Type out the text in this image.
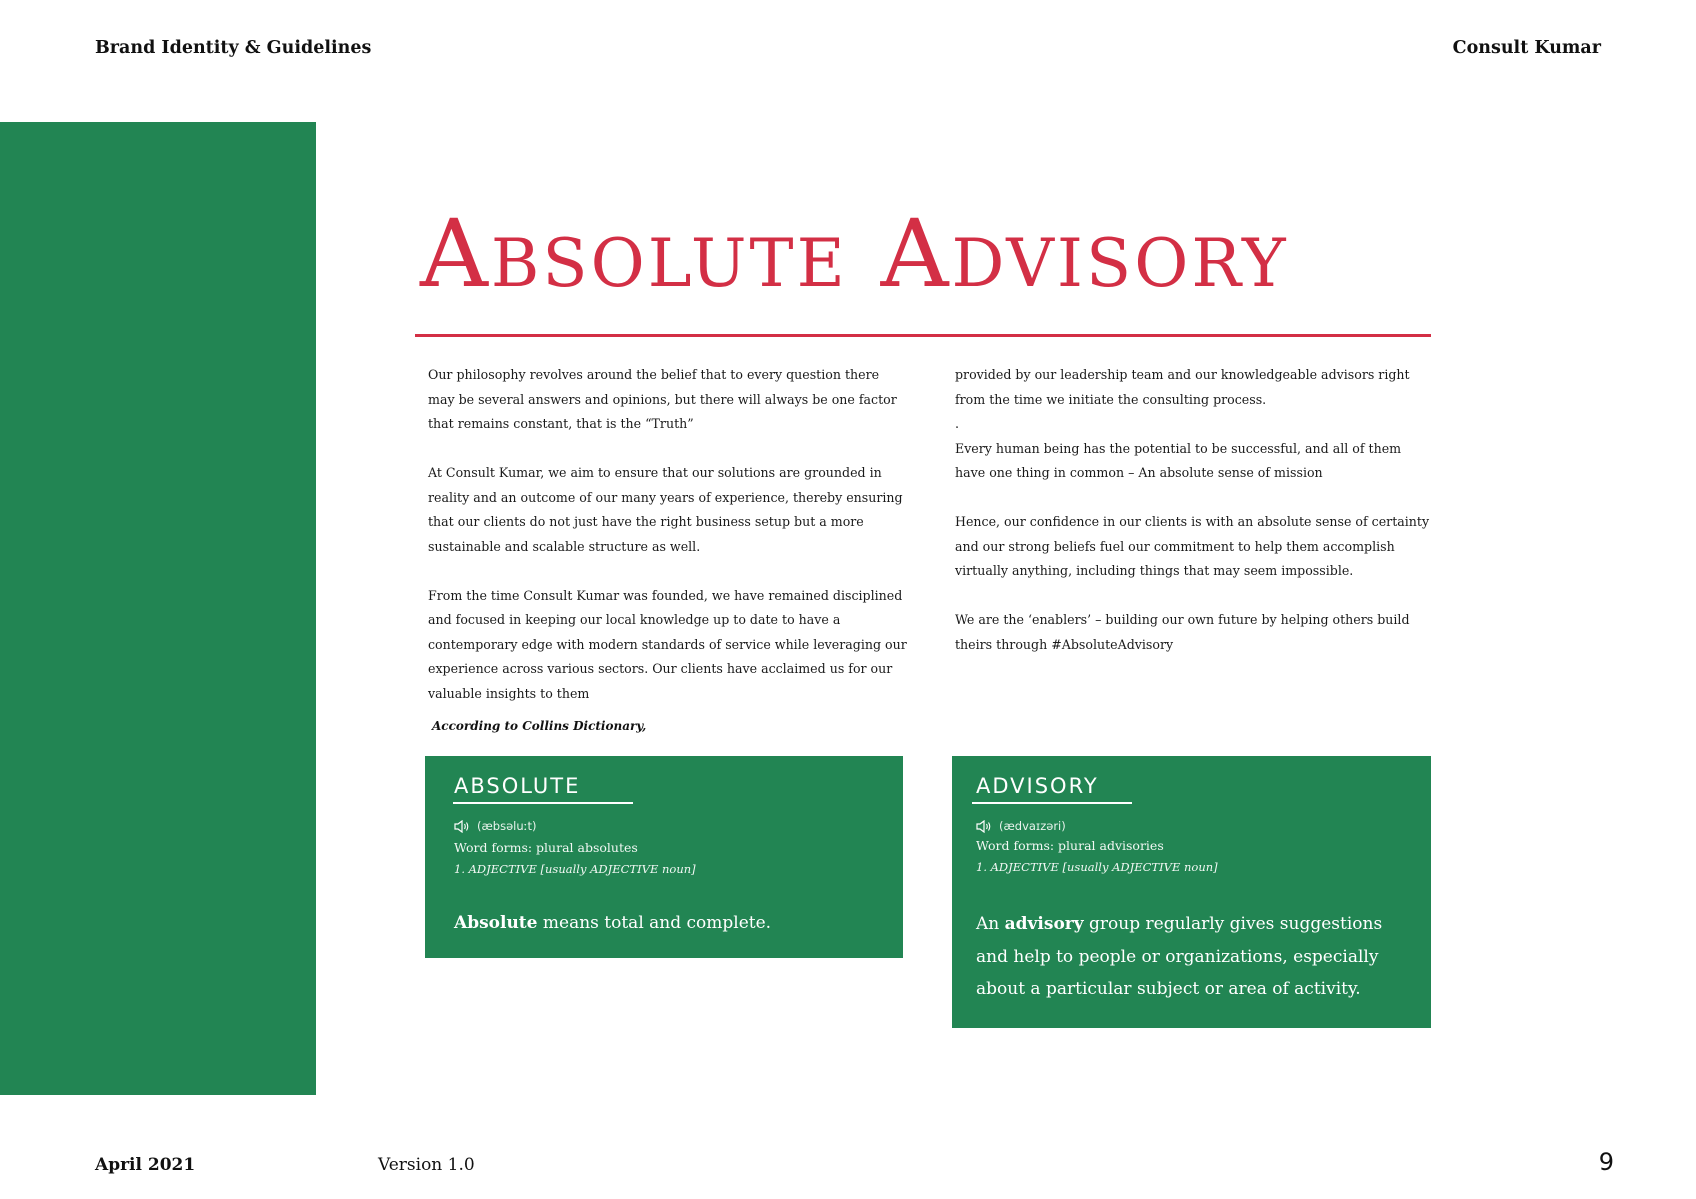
Brand Identity & Guidelines	Consult Kumar
Absolute Advisory

Our philosophy revolves around the belief that to every question there may be several answers and opinions, but there will always be one factor that remains constant, that is the “Truth”

At Consult Kumar, we aim to ensure that our solutions are grounded in reality and an outcome of our many years of experience, thereby ensuring that our clients do not just have the right business setup but a more sustainable and scalable structure as well.

From the time Consult Kumar was founded, we have remained disciplined and focused in keeping our local knowledge up to date to have a contemporary edge with modern standards of service while leveraging our experience across various sectors. Our clients have acclaimed us for our valuable insights to them

provided by our leadership team and our knowledgeable advisors right from the time we initiate the consulting process.

.

Every human being has the potential to be successful, and all of them have one thing in common – An absolute sense of mission

Hence, our confidence in our clients is with an absolute sense of certainty and our strong beliefs fuel our commitment to help them accomplish virtually anything, including things that may seem impossible.

We are the ‘enablers’ – building our own future by helping others build theirs through #AbsoluteAdvisory

According to Collins Dictionary,
ABSOLUTE
(æbsəluːt)
Word forms: plural absolutes
1. ADJECTIVE [usually ADJECTIVE noun]
Absolute means total and complete.
ADVISORY
(ædvaɪzəri)
Word forms: plural advisories
1. ADJECTIVE [usually ADJECTIVE noun]
An advisory group regularly gives suggestions and help to people or organizations, especially about a particular subject or area of activity.
April 2021	Version 1.0	9
